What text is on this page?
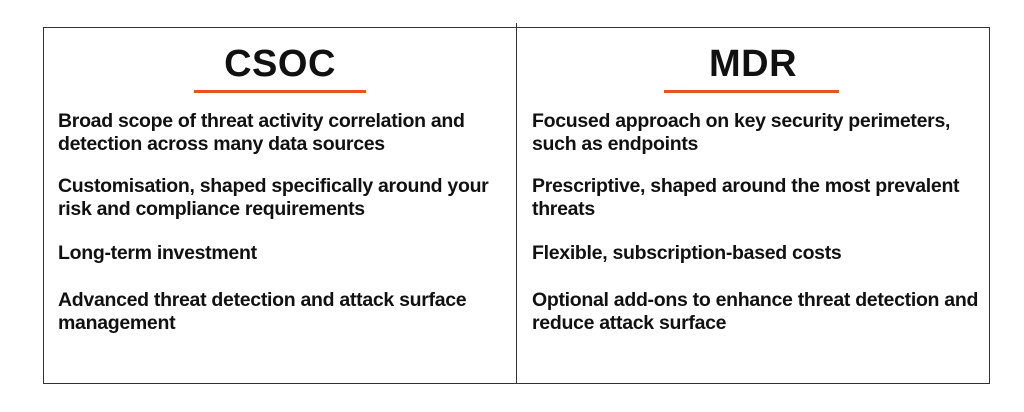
CSOC
Broad scope of threat activity correlation and detection across many data sources
Customisation, shaped specifically around your risk and compliance requirements
Long-term investment
Advanced threat detection and attack surface management
MDR
Focused approach on key security perimeters, such as endpoints
Prescriptive, shaped around the most prevalent threats
Flexible, subscription-based costs
Optional add-ons to enhance threat detection and reduce attack surface
